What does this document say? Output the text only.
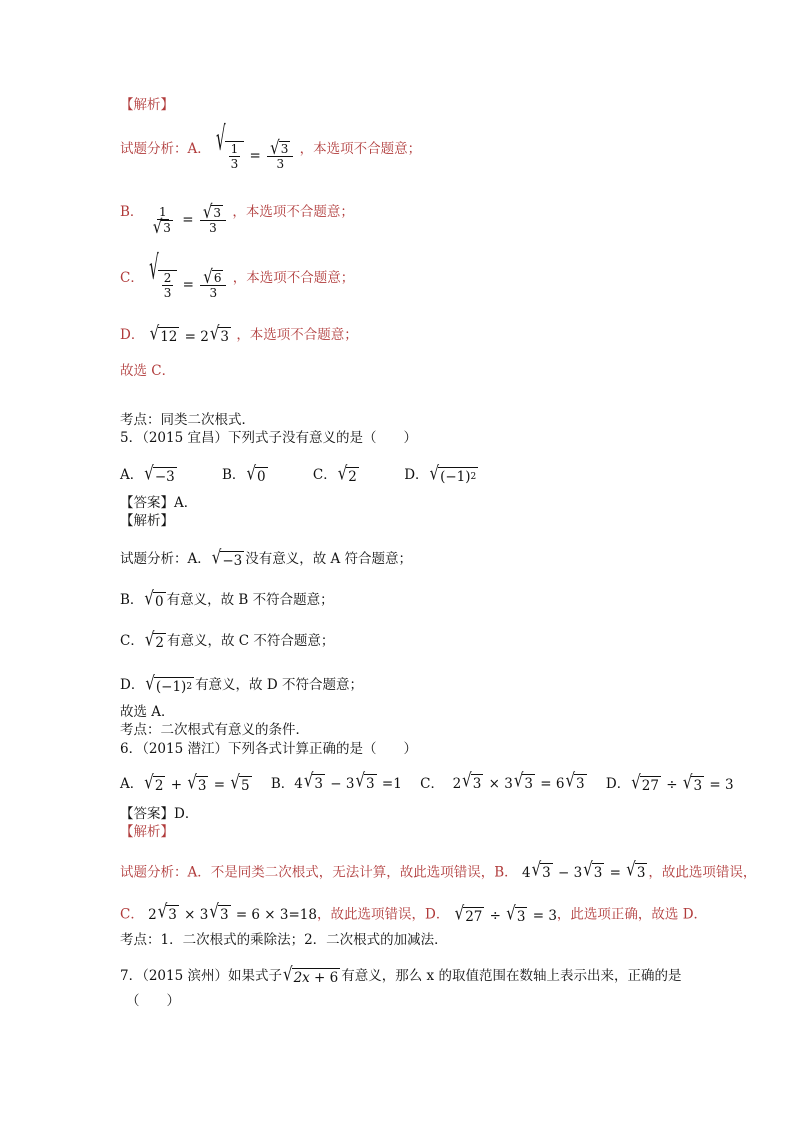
【解析】
试题分析：A． √ $\frac{1}{3} = \frac{√ 3}{3}$ ，本选项不合题意；
B． $\frac{1}{√ 3} = \frac{√ 3}{3}$ ，本选项不合题意；
C． √ $\frac{2}{3} = \frac{√ 6}{3}$ ，本选项不合题意；
D． √ 12 = 2 √ 3 ，本选项不合题意；
故选 C．
考点：同类二次根式．
5．（2015 宜昌）下列式子没有意义的是（　　）
A． √ −3	B． √ 0	C． √ 2	D． √ (−1) 2
【答案】A．
【解析】
试题分析：A． √ −3 没有意义，故 A 符合题意；
B． √ 0 有意义，故 B 不符合题意；
C． √ 2 有意义，故 C 不符合题意；
D． √ (−1) 2 有意义，故 D 不符合题意；
故选 A．
考点：二次根式有意义的条件．
6．（2015 潜江）下列各式计算正确的是（　　）
A． √ 2 + √ 3 = √ 5 B．4 √ 3 − 3 √ 3 =1 C． 2 √ 3 × 3 √ 3 = 6 √ 3 D． √ 27 ÷ √ 3 = 3
【答案】D．
【解析】
试题分析：A．不是同类二次根式，无法计算，故此选项错误，B． 4 √ 3 − 3 √ 3 = √ 3 ，故此选项错误，
C． 2 √ 3 × 3 √ 3 = 6 × 3=18，故此选项错误，D． √ 27 ÷ √ 3 = 3，此选项正确，故选 D．
考点：1．二次根式的乘除法；2．二次根式的加减法．
7．（2015 滨州）如果式子 √ 2x + 6 有意义，那么 x 的取值范围在数轴上表示出来，正确的是
（　　）
